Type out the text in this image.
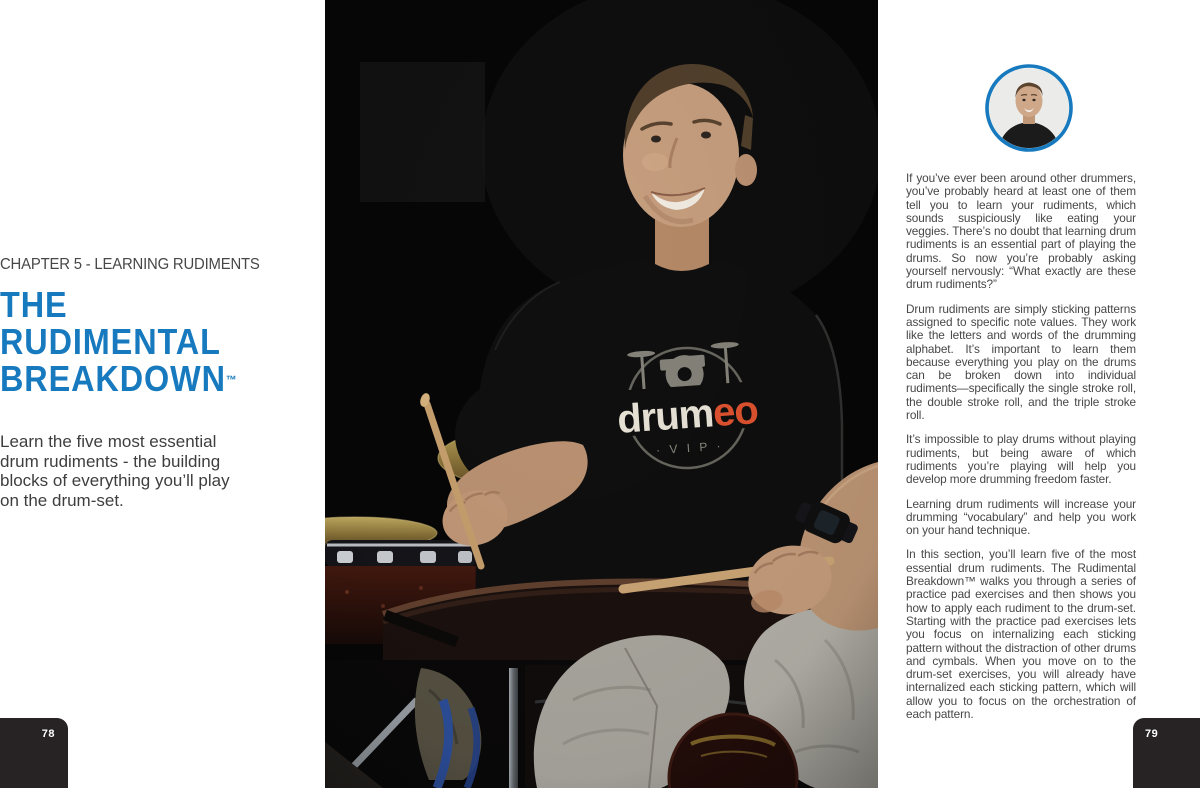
CHAPTER 5 - LEARNING RUDIMENTS
THE
RUDIMENTAL
BREAKDOWN™

Learn the five most essential drum rudiments - the building blocks of everything you’ll play on the drum-set.

If you’ve ever been around other drummers, you’ve probably heard at least one of them tell you to learn your rudiments, which sounds suspiciously like eating your veggies. There’s no doubt that learning drum rudiments is an essential part of playing the drums. So now you’re probably asking yourself nervously: “What exactly are these drum rudiments?”

Drum rudiments are simply sticking patterns assigned to specific note values. They work like the letters and words of the drumming alphabet. It’s important to learn them because everything you play on the drums can be broken down into individual rudiments—specifically the single stroke roll, the double stroke roll, and the triple stroke roll.

It’s impossible to play drums without playing rudiments, but being aware of which rudiments you’re playing will help you develop more drumming freedom faster.

Learning drum rudiments will increase your drumming “vocabulary” and help you work on your hand technique.

In this section, you’ll learn five of the most essential drum rudiments. The Rudimental Breakdown™ walks you through a series of practice pad exercises and then shows you how to apply each rudiment to the drum-set. Starting with the practice pad exercises lets you focus on internalizing each sticking pattern without the distraction of other drums and cymbals. When you move on to the drum-set exercises, you will already have internalized each sticking pattern, which will allow you to focus on the orchestration of each pattern.

78	79
